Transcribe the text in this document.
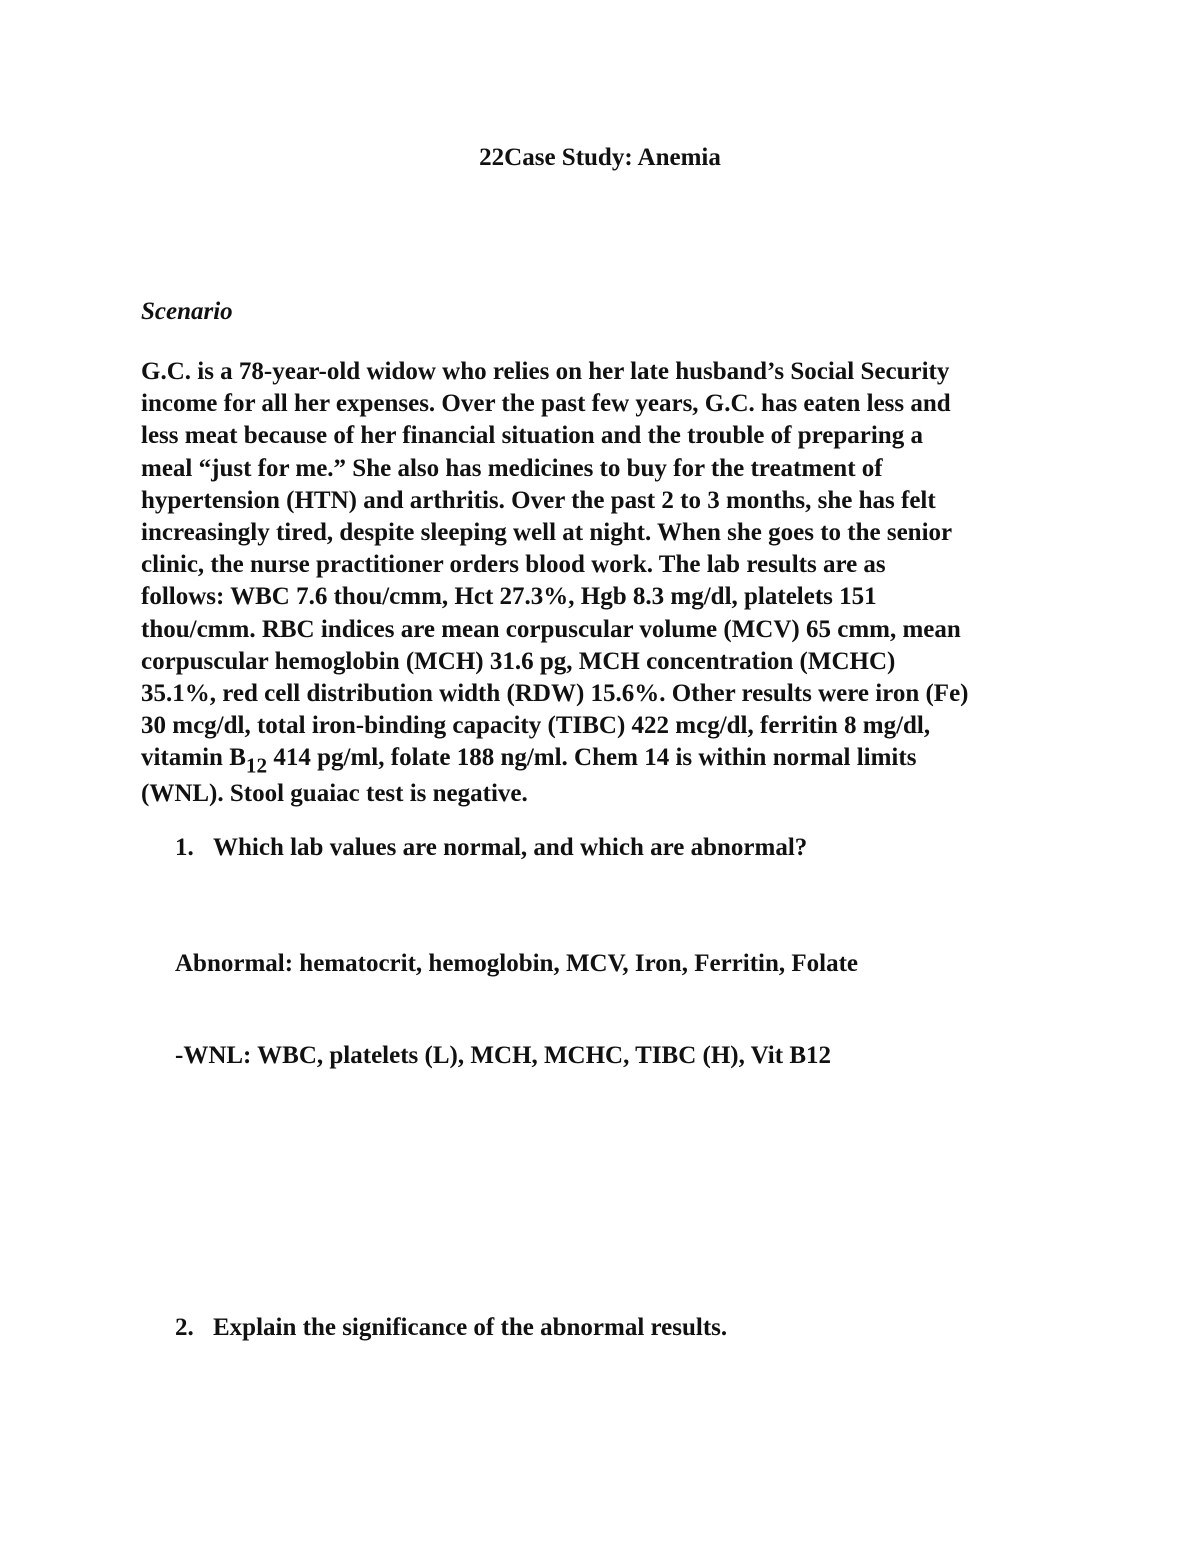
22Case Study: Anemia
Scenario
G.C. is a 78-year-old widow who relies on her late husband’s Social Security
income for all her expenses. Over the past few years, G.C. has eaten less and
less meat because of her financial situation and the trouble of preparing a
meal “just for me.” She also has medicines to buy for the treatment of
hypertension (HTN) and arthritis. Over the past 2 to 3 months, she has felt
increasingly tired, despite sleeping well at night. When she goes to the senior
clinic, the nurse practitioner orders blood work. The lab results are as
follows: WBC 7.6 thou/cmm, Hct 27.3%, Hgb 8.3 mg/dl, platelets 151
thou/cmm. RBC indices are mean corpuscular volume (MCV) 65 cmm, mean
corpuscular hemoglobin (MCH) 31.6 pg, MCH concentration (MCHC)
35.1%, red cell distribution width (RDW) 15.6%. Other results were iron (Fe)
30 mcg/dl, total iron-binding capacity (TIBC) 422 mcg/dl, ferritin 8 mg/dl,
vitamin $B_{12}$ 414 pg/ml, folate 188 ng/ml. Chem 14 is within normal limits
(WNL). Stool guaiac test is negative.

1. Which lab values are normal, and which are abnormal?

Abnormal: hematocrit, hemoglobin, MCV, Iron, Ferritin, Folate

-WNL: WBC, platelets (L), MCH, MCHC, TIBC (H), Vit B12

2. Explain the significance of the abnormal results.
